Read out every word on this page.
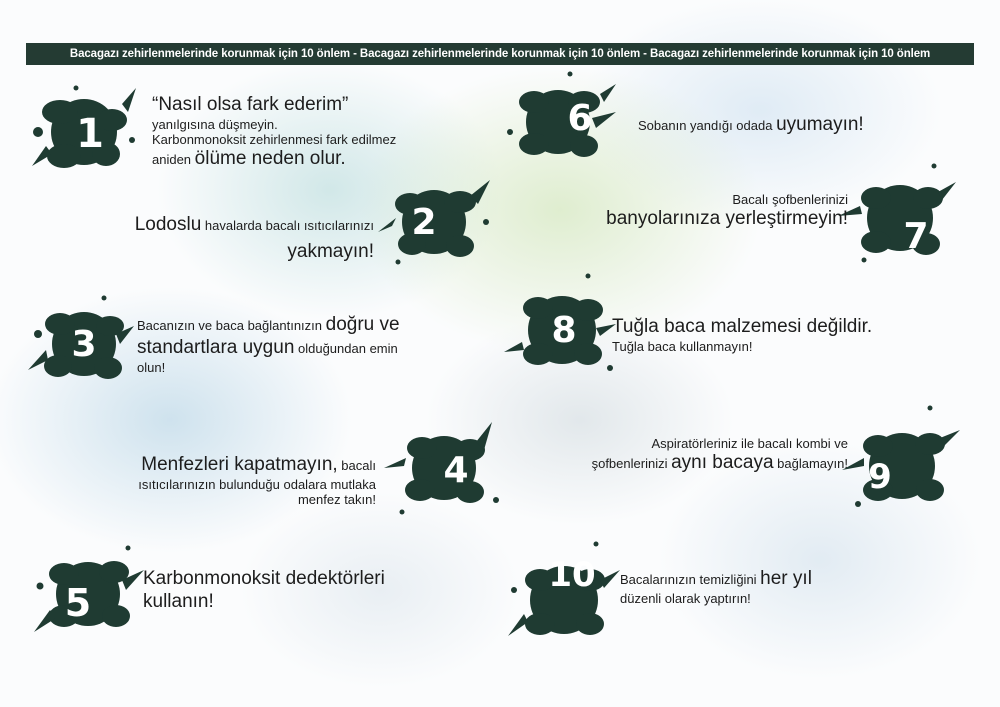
Bacagazı zehirlenmelerinde korunmak için 10 önlem - Bacagazı zehirlenmelerinde korunmak için 10 önlem - Bacagazı zehirlenmelerinde korunmak için 10 önlem
1
2
3
4
5
6
7
8
9
10
“Nasıl olsa fark ederim”
yanılgısına düşmeyin.
Karbonmonoksit zehirlenmesi fark edilmez
aniden ölüme neden olur.
Lodoslu havalarda bacalı ısıtıcılarınızı
yakmayın!
Bacanızın ve baca bağlantınızın doğru ve
standartlara uygun olduğundan emin
olun!
Menfezleri kapatmayın, bacalı
ısıtıcılarınızın bulunduğu odalara mutlaka
menfez takın!
Karbonmonoksit dedektörleri
kullanın!
Sobanın yandığı odada uyumayın!
Bacalı şofbenlerinizi
banyolarınıza yerleştirmeyin!
Tuğla baca malzemesi değildir.
Tuğla baca kullanmayın!
Aspiratörleriniz ile bacalı kombi ve
şofbenlerinizi aynı bacaya bağlamayın!
Bacalarınızın temizliğini her yıl
düzenli olarak yaptırın!
